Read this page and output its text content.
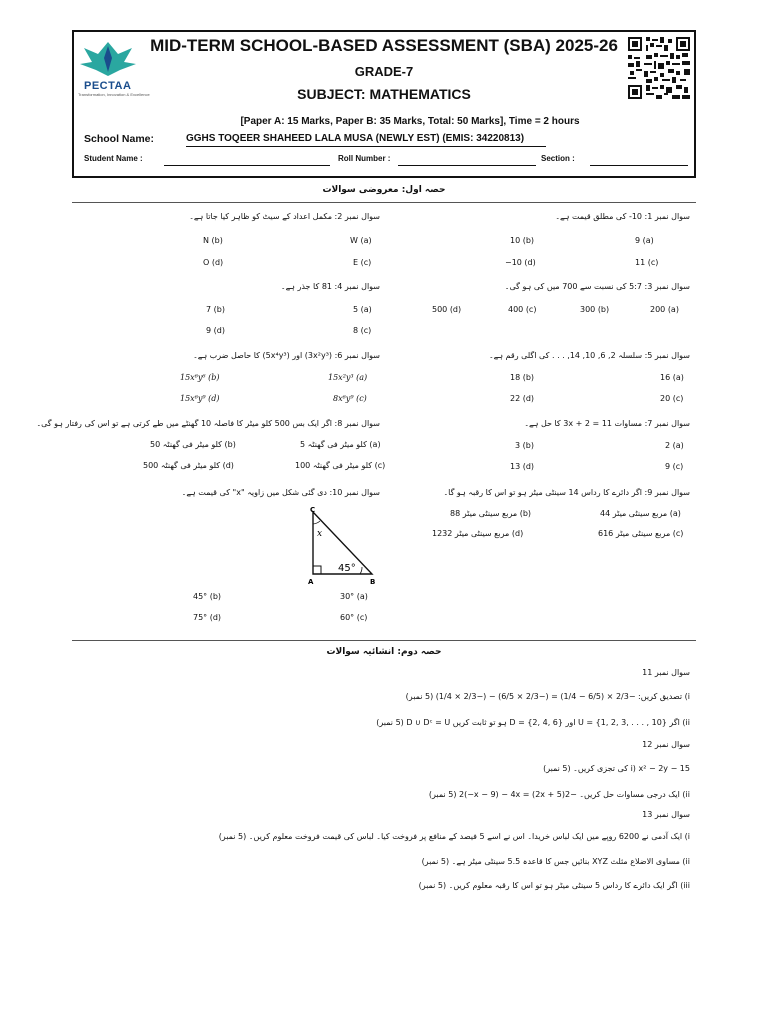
PECTAA
Transformation, Innovation & Excellence
MID-TERM SCHOOL-BASED ASSESSMENT (SBA) 2025-26
GRADE-7
SUBJECT: MATHEMATICS
[Paper A: 15 Marks, Paper B: 35 Marks, Total: 50 Marks], Time = 2 hours
School Name:	GGHS TOQEER SHAHEED LALA MUSA (NEWLY EST) (EMIS: 34220813)
Student Name :	Roll Number :	Section :
حصہ اول: معروضی سوالات
سوال نمبر 1: 10- کی مطلق قیمت ہے۔
9 (a)
10 (b)
11 (c)
−10 (d)
سوال نمبر 2: مکمل اعداد کے سیٹ کو ظاہر کیا جاتا ہے۔
W (a)
N (b)
E (c)
O (d)
سوال نمبر 3: 5:7 کی نسبت سے 700 میں کی ہو گی۔
200 (a)
300 (b)
400 (c)
500 (d)
سوال نمبر 4: 81 کا جذر ہے۔
5 (a)
7 (b)
8 (c)
9 (d)
سوال نمبر 5: سلسلہ 2, 6, 10, 14, . . . کی اگلی رقم ہے۔
16 (a)
18 (b)
20 (c)
22 (d)
سوال نمبر 6: (3x²y³) اور (5x⁴y³) کا حاصل ضرب ہے۔
15x²y³ (a)
15x⁶y⁶ (b)
8x⁶y⁹ (c)
15x⁶y⁹ (d)
سوال نمبر 7: مساوات 11 = 2 + 3x کا حل ہے۔
2 (a)
3 (b)
9 (c)
13 (d)
سوال نمبر 8: اگر ایک بس 500 کلو میٹر کا فاصلہ 10 گھنٹے میں طے کرتی ہے تو اس کی رفتار ہو گی۔
5 کلو میٹر فی گھنٹہ (a)
50 کلو میٹر فی گھنٹہ (b)
100 کلو میٹر فی گھنٹہ (c)
500 کلو میٹر فی گھنٹہ (d)
سوال نمبر 9: اگر دائرے کا رداس 14 سینٹی میٹر ہو تو اس کا رقبہ ہو گا۔
44 مربع سینٹی میٹر (a)
88 مربع سینٹی میٹر (b)
616 مربع سینٹی میٹر (c)
1232 مربع سینٹی میٹر (d)
سوال نمبر 10: دی گئی شکل میں زاویہ "x" کی قیمت ہے۔
C
A	B
x
45°
30° (a)
45° (b)
60° (c)
75° (d)
حصہ دوم: انشائیہ سوالات
سوال نمبر 11
i) تصدیق کریں: −2/3 × (6/5 − 1/4) = (−2/3 × 6/5) − (−2/3 × 1/4) (5 نمبر)
ii) اگر U = {1, 2, 3, . . . , 10} اور D = {2, 4, 6} ہو تو ثابت کریں D ∪ Dᶜ = U (5 نمبر)
سوال نمبر 12
i) x² − 2y − 15 کی تجزی کریں۔ (5 نمبر)
ii) ایک درجی مساوات حل کریں۔ −2(2x + 5) = 2(−x − 9) − 4x (5 نمبر)
سوال نمبر 13
i) ایک آدمی نے 6200 روپے میں ایک لباس خریدا۔ اس نے اسے 5 فیصد کے منافع پر فروخت کیا۔ لباس کی قیمت فروخت معلوم کریں۔ (5 نمبر)
ii) مساوی الاضلاع مثلث XYZ بنائیں جس کا قاعدہ 5.5 سینٹی میٹر ہے۔ (5 نمبر)
iii) اگر ایک دائرے کا رداس 5 سینٹی میٹر ہو تو اس کا رقبہ معلوم کریں۔ (5 نمبر)
